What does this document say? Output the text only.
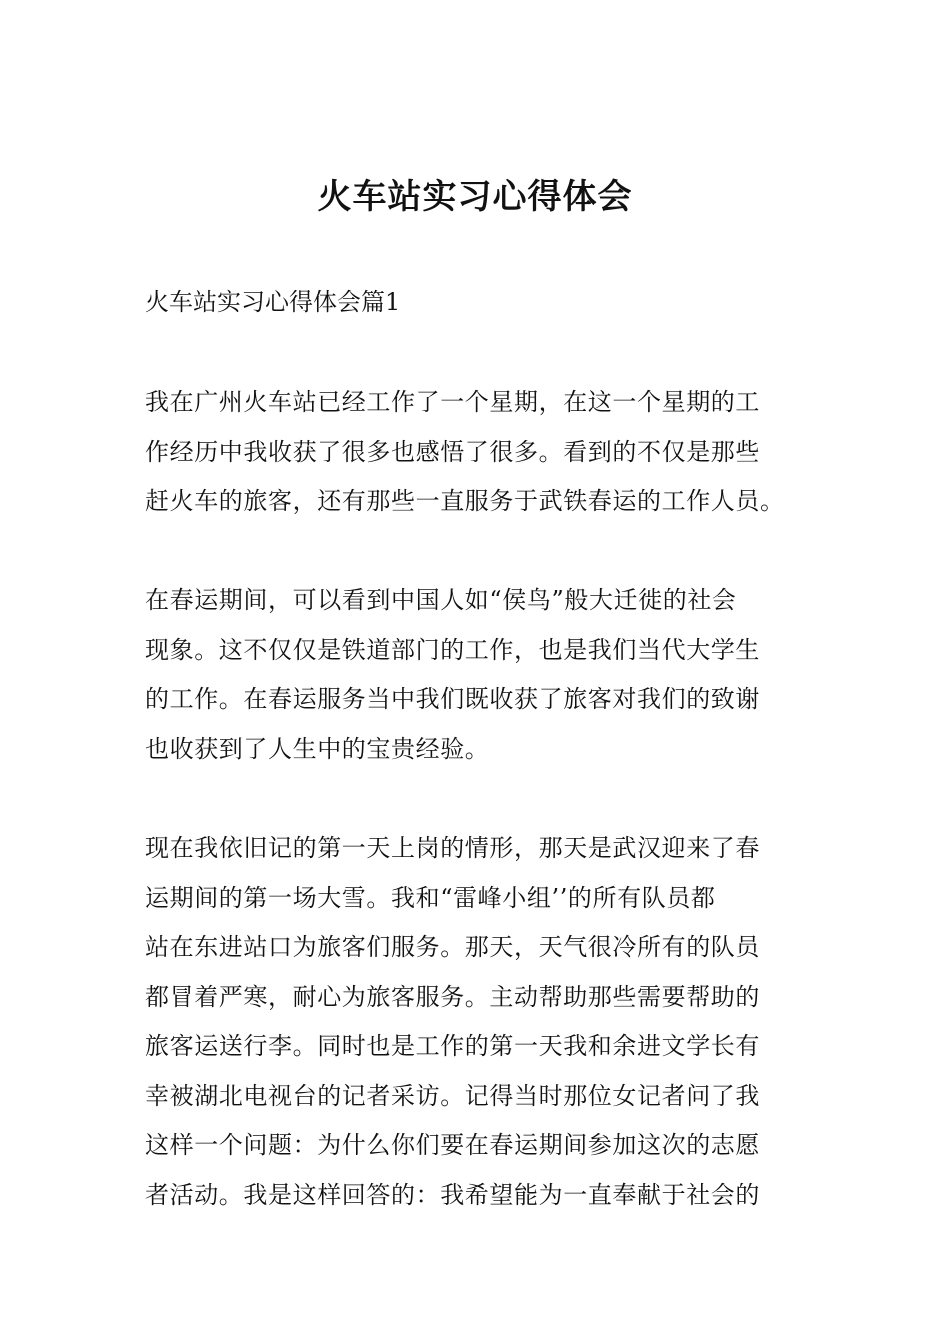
火车站实习心得体会
火车站实习心得体会篇1
我在广州火车站已经工作了一个星期，在这一个星期的工
作经历中我收获了很多也感悟了很多。看到的不仅是那些
赶火车的旅客，还有那些一直服务于武铁春运的工作人员。
在春运期间，可以看到中国人如“侯鸟”般大迁徙的社会
现象。这不仅仅是铁道部门的工作，也是我们当代大学生
的工作。在春运服务当中我们既收获了旅客对我们的致谢
也收获到了人生中的宝贵经验。
现在我依旧记的第一天上岗的情形，那天是武汉迎来了春
运期间的第一场大雪。我和“雷峰小组’’的所有队员都
站在东进站口为旅客们服务。那天，天气很冷所有的队员
都冒着严寒，耐心为旅客服务。主动帮助那些需要帮助的
旅客运送行李。同时也是工作的第一天我和余进文学长有
幸被湖北电视台的记者采访。记得当时那位女记者问了我
这样一个问题：为什么你们要在春运期间参加这次的志愿
者活动。我是这样回答的：我希望能为一直奉献于社会的
